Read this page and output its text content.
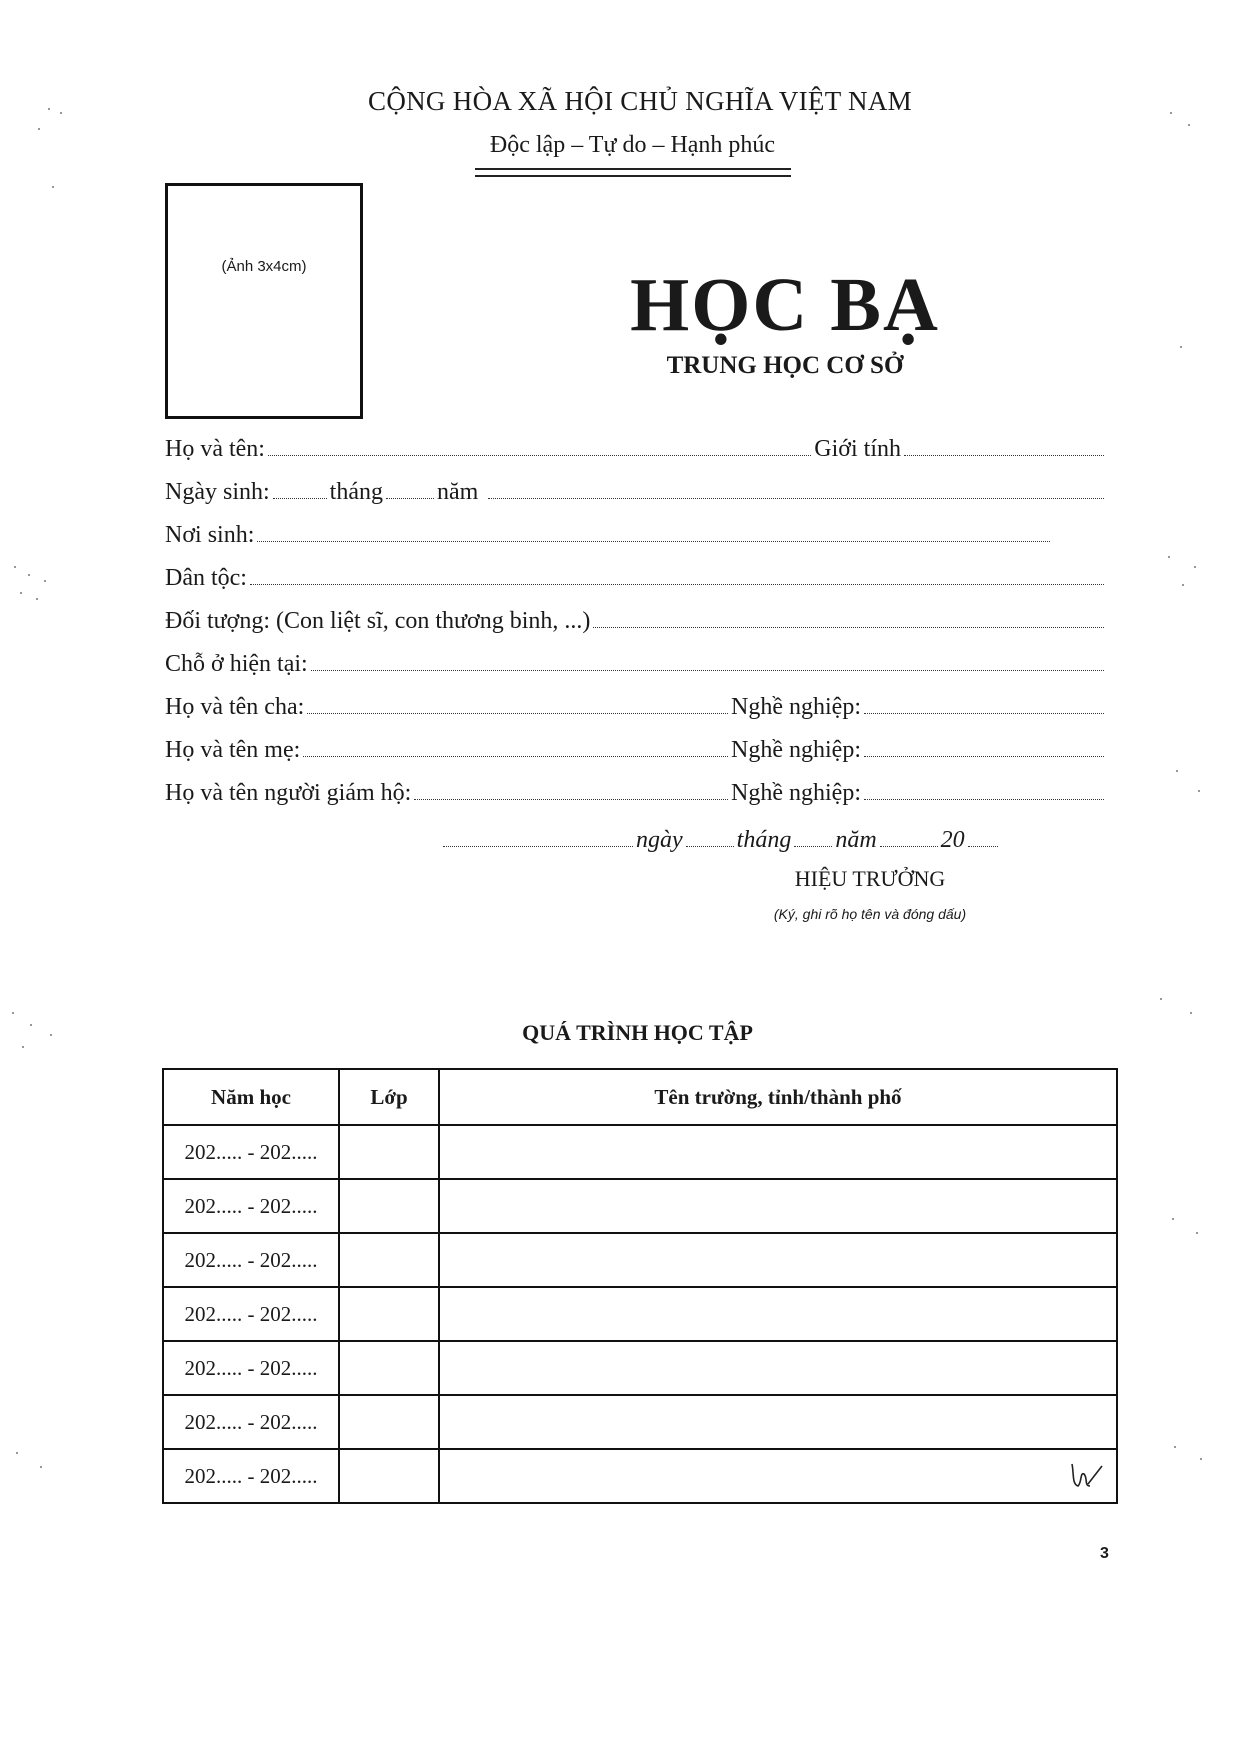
CỘNG HÒA XÃ HỘI CHỦ NGHĨA VIỆT NAM
Độc lập – Tự do – Hạnh phúc
(Ảnh 3x4cm)	HỌC BẠ
TRUNG HỌC CƠ SỞ
Họ và tên:	Giới tính
Ngày sinh:	tháng năm
Nơi sinh:
Dân tộc:
Đối tượng: (Con liệt sĩ, con thương binh, ...)
Chỗ ở hiện tại:
Họ và tên cha:	Nghề nghiệp:
Họ và tên mẹ:	Nghề nghiệp:
Họ và tên người giám hộ:	Nghề nghiệp:
ngày tháng năm	20
HIỆU TRƯỞNG
(Ký, ghi rõ họ tên và đóng dấu)
QUÁ TRÌNH HỌC TẬP
Năm học	Lớp	Tên trường, tỉnh/thành phố
202..... - 202.....		
202..... - 202.....		
202..... - 202.....		
202..... - 202.....		
202..... - 202.....		
202..... - 202.....		
202..... - 202.....		
3
